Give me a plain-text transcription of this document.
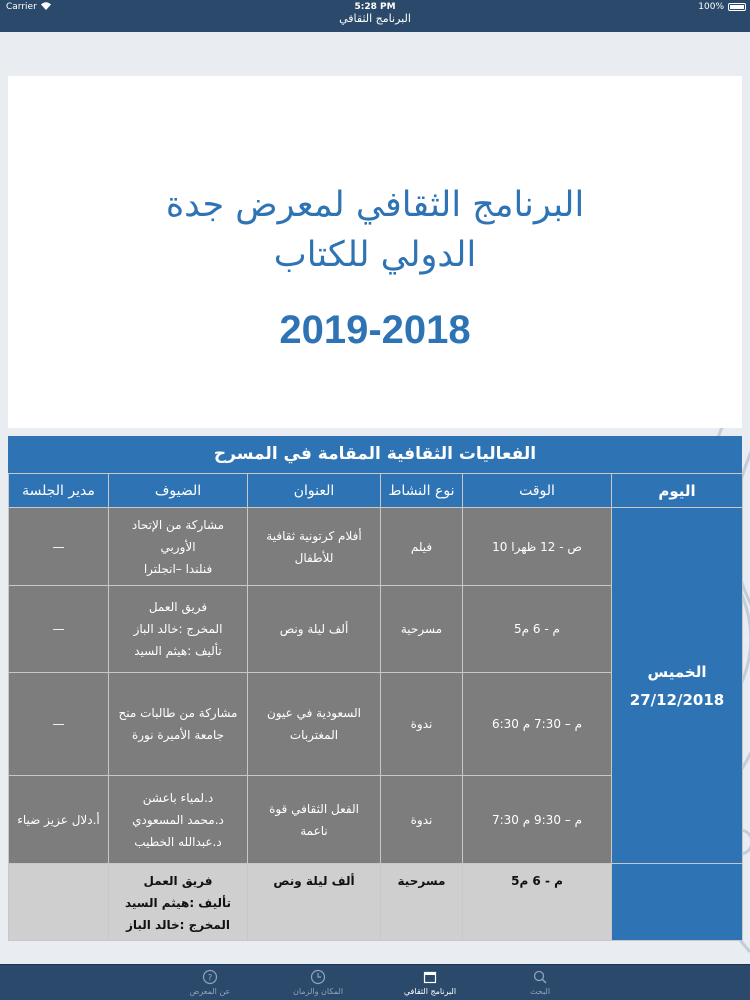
Carrier	5:28 PM	100%
البرنامج الثقافي
البرنامج الثقافي لمعرض جدة الدولي للكتاب
2019-2018
الفعاليات الثقافية المقامة في المسرح
اليوم	الوقت	نوع النشاط	العنوان	الضيوف	مدير الجلسة

الخميس
27/12/2018	ص - 12 ظهرا 10	فيلم	أفلام كرتونية ثقافية للأطفال	مشاركة من الإتحاد
الأوربي
فنلندا –انجلترا	—
	م - 6 م5	مسرحية	ألف ليلة ونص	فريق العمل
المخرج :خالد الباز
تأليف :هيثم السيد	—
	م – 7:30 م 6:30	ندوة	السعودية في عيون المغتربات	مشاركة من طالبات منح
جامعة الأميرة نورة	—
	م – 9:30 م 7:30	ندوة	الفعل الثقافي قوة ناعمة	د.لمياء باعشن
د.محمد المسعودي
د.عبدالله الخطيب	أ.دلال عزيز ضياء
	م - 6 م5	مسرحية	ألف ليلة ونص	فريق العمل
تأليف :هيثم السيد
المخرج :خالد الباز	

?
عن المعرض	المكان والزمان	البرنامج الثقافي	البحث
